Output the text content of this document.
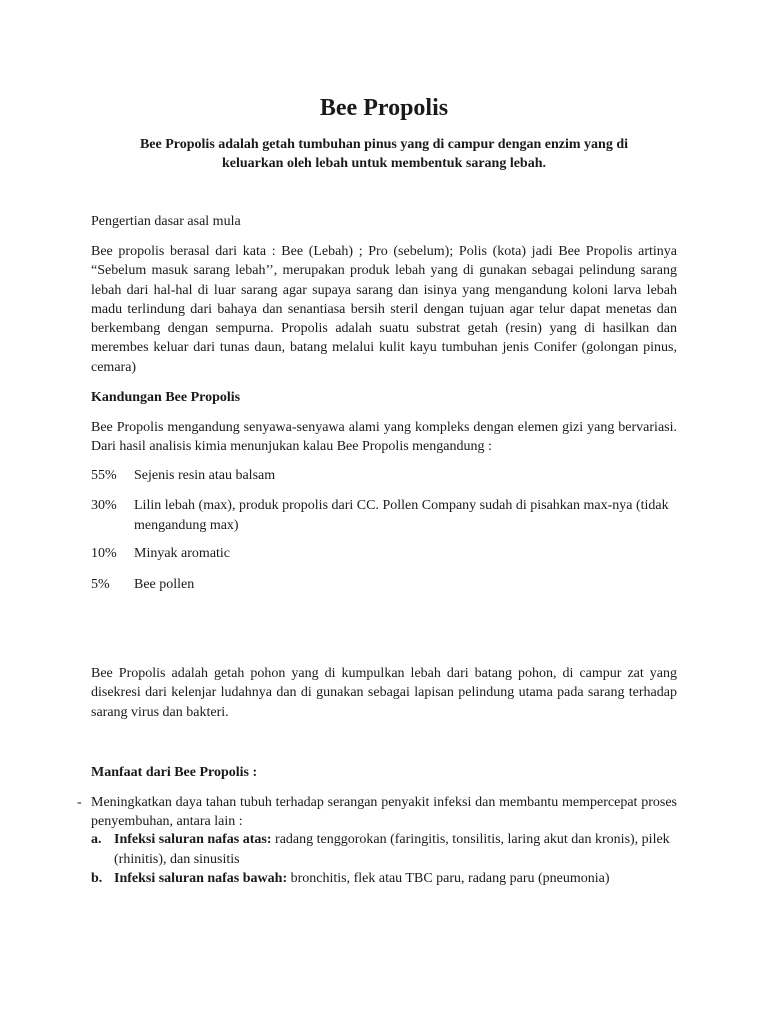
Bee Propolis
Bee Propolis adalah getah tumbuhan pinus yang di campur dengan enzim yang di keluarkan oleh lebah untuk membentuk sarang lebah.
Pengertian dasar asal mula
Bee propolis berasal dari kata : Bee (Lebah) ; Pro (sebelum); Polis (kota) jadi Bee Propolis artinya “Sebelum masuk sarang lebah’’, merupakan produk lebah yang di gunakan sebagai pelindung sarang lebah dari hal-hal di luar sarang agar supaya sarang dan isinya yang mengandung koloni larva lebah madu terlindung dari bahaya dan senantiasa bersih steril dengan tujuan agar telur dapat menetas dan berkembang dengan sempurna. Propolis adalah suatu substrat getah (resin) yang di hasilkan dan merembes keluar dari tunas daun, batang melalui kulit kayu tumbuhan jenis Conifer (golongan pinus, cemara)
Kandungan Bee Propolis
Bee Propolis mengandung senyawa-senyawa alami yang kompleks dengan elemen gizi yang bervariasi. Dari hasil analisis kimia menunjukan kalau Bee Propolis mengandung :
55% Sejenis resin atau balsam
30% Lilin lebah (max), produk propolis dari CC. Pollen Company sudah di pisahkan max-nya (tidak mengandung max)
10% Minyak aromatic
5% Bee pollen
Bee Propolis adalah getah pohon yang di kumpulkan lebah dari batang pohon, di campur zat yang disekresi dari kelenjar ludahnya dan di gunakan sebagai lapisan pelindung utama pada sarang terhadap sarang virus dan bakteri.
Manfaat dari Bee Propolis :
- Meningkatkan daya tahan tubuh terhadap serangan penyakit infeksi dan membantu mempercepat proses penyembuhan, antara lain :
a. Infeksi saluran nafas atas: radang tenggorokan (faringitis, tonsilitis, laring akut dan kronis), pilek (rhinitis), dan sinusitis
b. Infeksi saluran nafas bawah: bronchitis, flek atau TBC paru, radang paru (pneumonia)
